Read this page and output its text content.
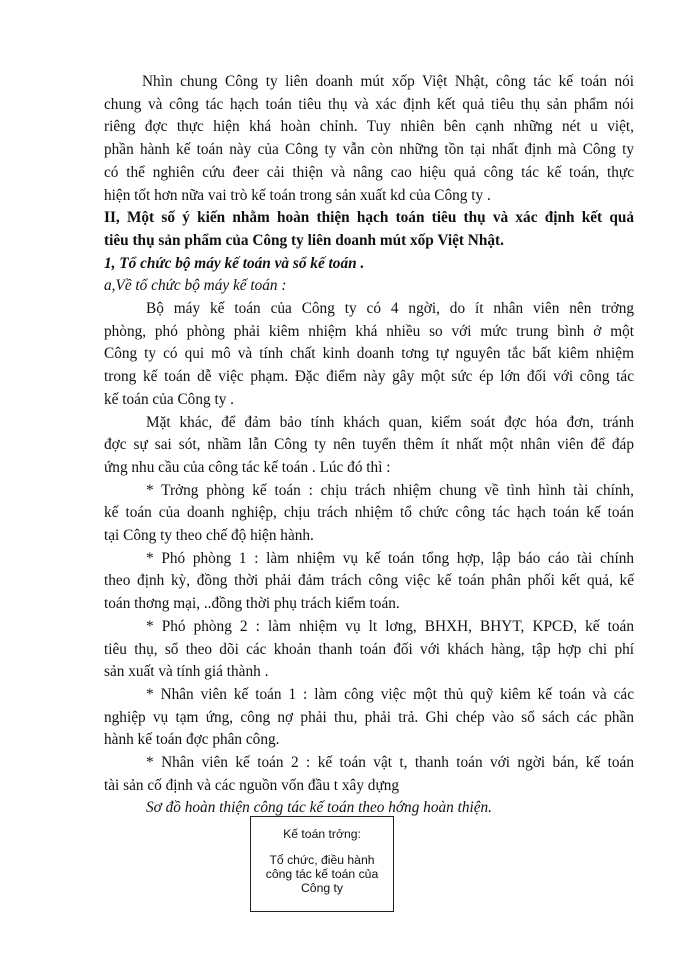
Nhìn chung Công ty liên doanh mút xốp Việt Nhật, công tác kế toán nói
chung và công tác hạch toán tiêu thụ và xác định kết quả tiêu thụ sản phẩm nói
riêng đợc thực hiện khá hoàn chỉnh. Tuy nhiên bên cạnh những nét u việt,
phần hành kế toán này của Công ty vẫn còn những tồn tại nhất định mà Công ty
có thể nghiên cứu đeer cải thiện và nâng cao hiệu quả công tác kế toán, thực
hiện tốt hơn nữa vai trò kế toán trong sản xuất kd của Công ty .
II, Một số ý kiến nhằm hoàn thiện hạch toán tiêu thụ và xác định kết quả
tiêu thụ sản phẩm của Công ty liên doanh mút xốp Việt Nhật.
1, Tổ chức bộ máy kế toán và sổ kế toán .
a,Về tổ chức bộ máy kế toán :
Bộ máy kế toán của Công ty có 4 ngời, do ít nhân viên nên trởng
phòng, phó phòng phải kiêm nhiệm khá nhiều so với mức trung bình ở một
Công ty có qui mô và tính chất kinh doanh tơng tự nguyên tắc bất kiêm nhiệm
trong kế toán dễ việc phạm. Đặc điểm này gây một sức ép lớn đối với công tác
kế toán của Công ty .
Mặt khác, để đảm bảo tính khách quan, kiểm soát đợc hóa đơn, tránh
đợc sự sai sót, nhầm lẫn Công ty nên tuyển thêm ít nhất một nhân viên để đáp
ứng nhu cầu của công tác kế toán . Lúc đó thì :
* Trởng phòng kế toán : chịu trách nhiệm chung về tình hình tài chính,
kế toán của doanh nghiệp, chịu trách nhiệm tổ chức công tác hạch toán kế toán
tại Công ty theo chế độ hiện hành.
* Phó phòng 1 : làm nhiệm vụ kế toán tổng hợp, lập báo cáo tài chính
theo định kỳ, đồng thời phải đảm trách công việc kế toán phân phối kết quả, kế
toán thơng mại, ..đồng thời phụ trách kiểm toán.
* Phó phòng 2 : làm nhiệm vụ lt lơng, BHXH, BHYT, KPCĐ, kế toán
tiêu thụ, sổ theo dõi các khoản thanh toán đối với khách hàng, tập hợp chi phí
sản xuất và tính giá thành .
* Nhân viên kế toán 1 : làm công việc một thủ quỹ kiêm kế toán và các
nghiệp vụ tạm ứng, công nợ phải thu, phải trả. Ghi chép vào sổ sách các phần
hành kế toán đợc phân công.
* Nhân viên kế toán 2 : kế toán vật t, thanh toán với ngời bán, kế toán
tài sản cố định và các nguồn vốn đầu t xây dựng
Sơ đồ hoàn thiện công tác kế toán theo hớng hoàn thiện.
Kế toán trởng:
Tổ chức, điều hành
công tác kế toán của
Công ty
